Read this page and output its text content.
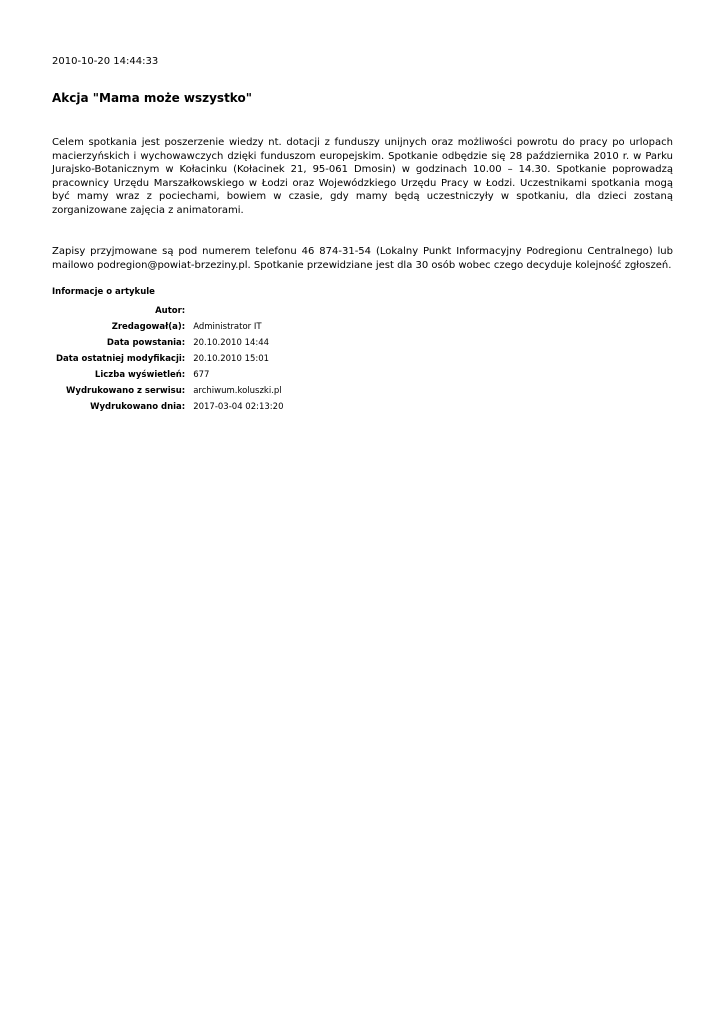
2010-10-20 14:44:33

Akcja "Mama może wszystko"

Celem spotkania jest poszerzenie wiedzy nt. dotacji z funduszy unijnych oraz możliwości powrotu do pracy po urlopach macierzyńskich i wychowawczych dzięki funduszom europejskim. Spotkanie odbędzie się 28 października 2010 r. w Parku Jurajsko-Botanicznym w Kołacinku (Kołacinek 21, 95-061 Dmosin) w godzinach 10.00 – 14.30. Spotkanie poprowadzą pracownicy Urzędu Marszałkowskiego w Łodzi oraz Wojewódzkiego Urzędu Pracy w Łodzi. Uczestnikami spotkania mogą być mamy wraz z pociechami, bowiem w czasie, gdy mamy będą uczestniczyły w spotkaniu, dla dzieci zostaną zorganizowane zajęcia z animatorami.

Zapisy przyjmowane są pod numerem telefonu 46 874-31-54 (Lokalny Punkt Informacyjny Podregionu Centralnego) lub mailowo podregion@powiat-brzeziny.pl. Spotkanie przewidziane jest dla 30 osób wobec czego decyduje kolejność zgłoszeń.

Informacje o artykule
Autor:	
Zredagował(a):	Administrator IT
Data powstania:	20.10.2010 14:44
Data ostatniej modyfikacji:	20.10.2010 15:01
Liczba wyświetleń:	677
Wydrukowano z serwisu:	archiwum.koluszki.pl
Wydrukowano dnia:	2017-03-04 02:13:20
